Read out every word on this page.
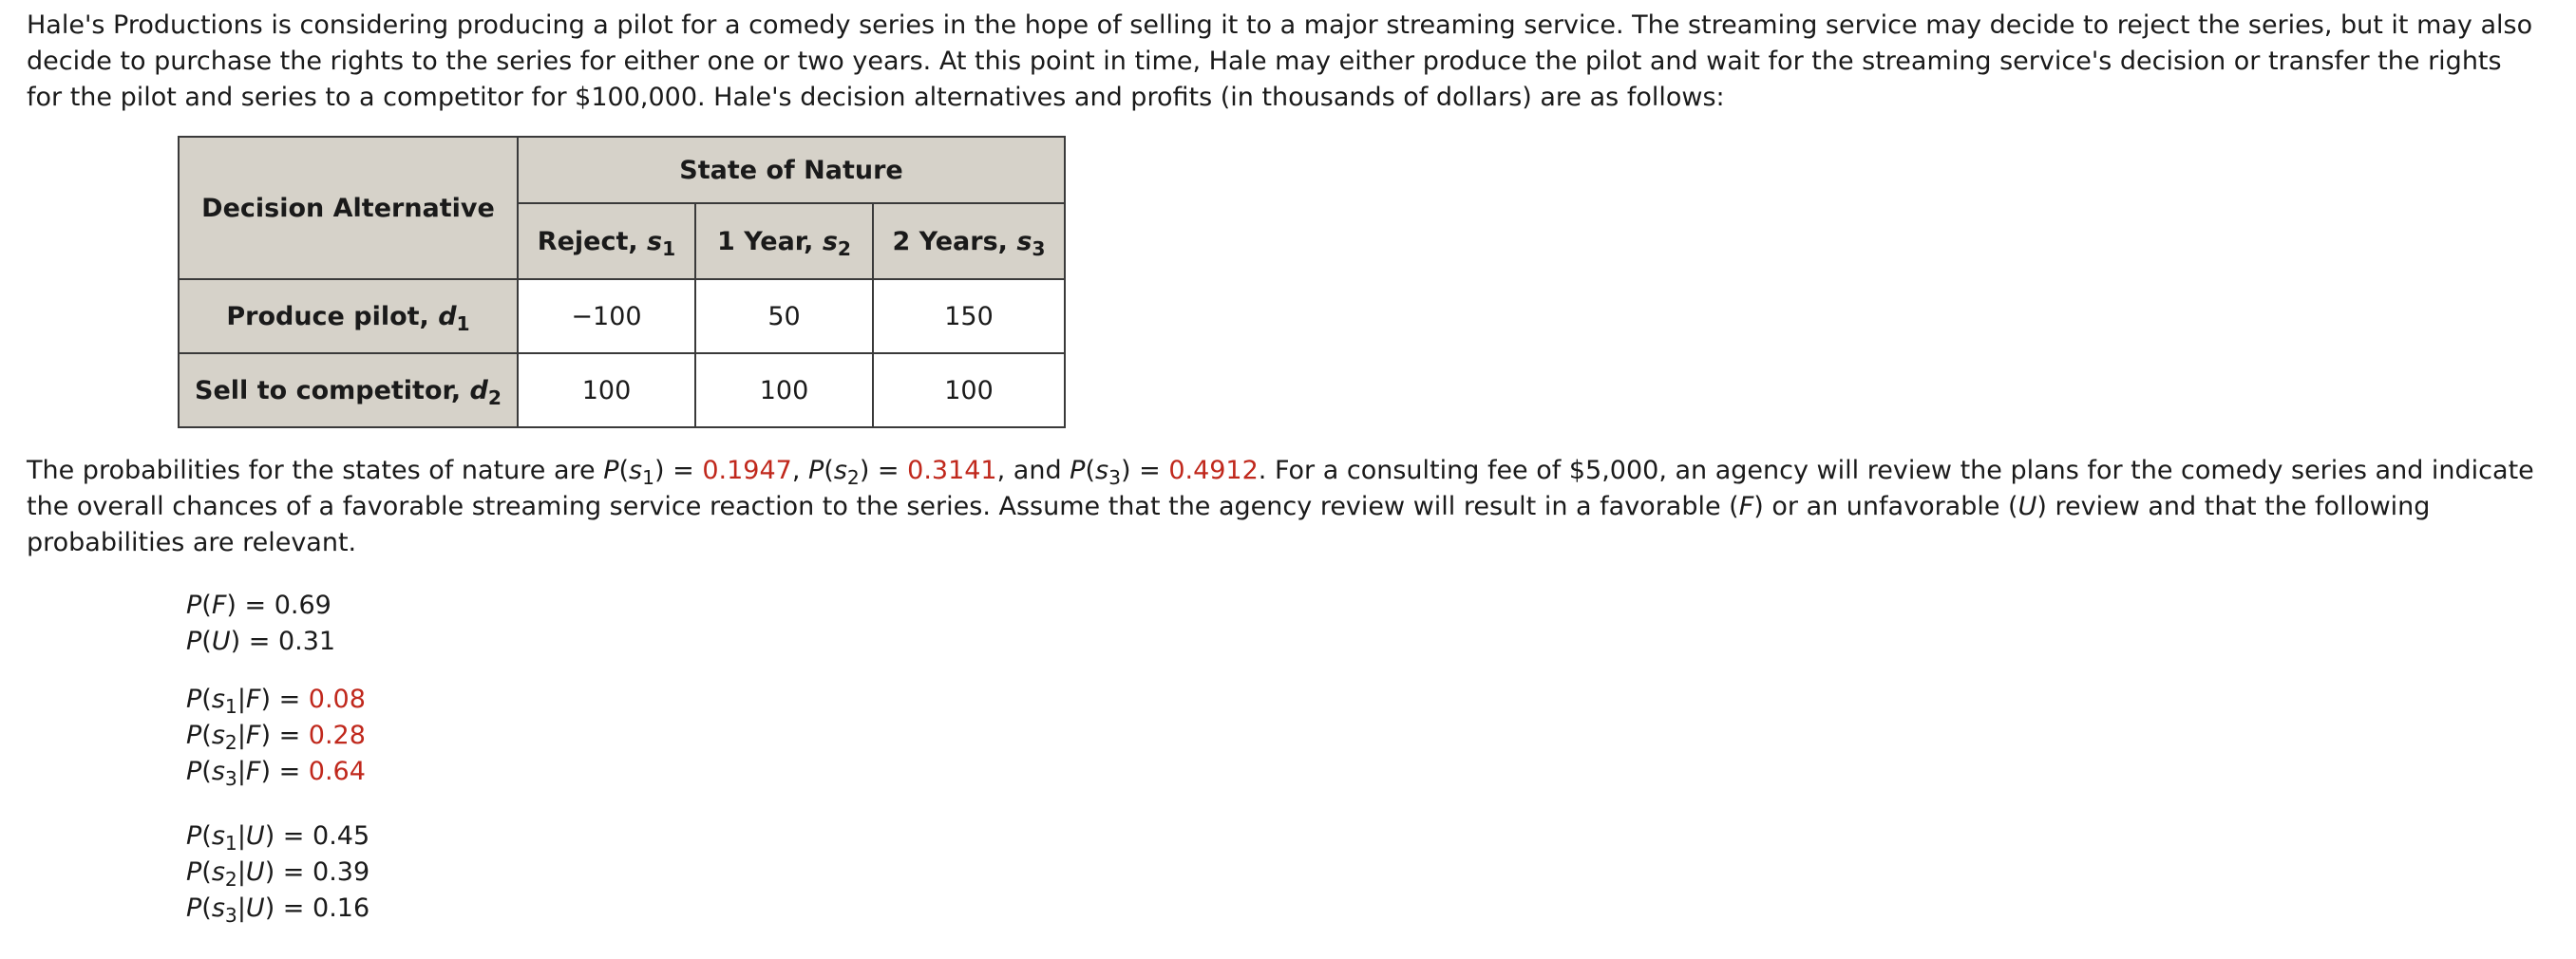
Hale's Productions is considering producing a pilot for a comedy series in the hope of selling it to a major streaming service. The streaming service may decide to reject the series, but it may also decide to purchase the rights to the series for either one or two years. At this point in time, Hale may either produce the pilot and wait for the streaming service's decision or transfer the rights for the pilot and series to a competitor for $100,000. Hale's decision alternatives and profits (in thousands of dollars) are as follows:

Decision Alternative	State of Nature		
	Reject, $s_1$	1 Year, $s_2$	2 Years, $s_3$
Produce pilot, $d_1$	−100	50	150
Sell to competitor, $d_2$	100	100	100

The probabilities for the states of nature are $P(s_1) = 0.1947$, $P(s_2) = 0.3141$, and $P(s_3) = 0.4912$. For a consulting fee of $5,000, an agency will review the plans for the comedy series and indicate the overall chances of a favorable streaming service reaction to the series. Assume that the agency review will result in a favorable (F) or an unfavorable (U) review and that the following probabilities are relevant.

P(F) = 0.69
P(U) = 0.31
$P(s_1|F) = 0.08$
$P(s_2|F) = 0.28$
$P(s_3|F) = 0.64$
$P(s_1|U) = 0.45$
$P(s_2|U) = 0.39$
$P(s_3|U) = 0.16$
